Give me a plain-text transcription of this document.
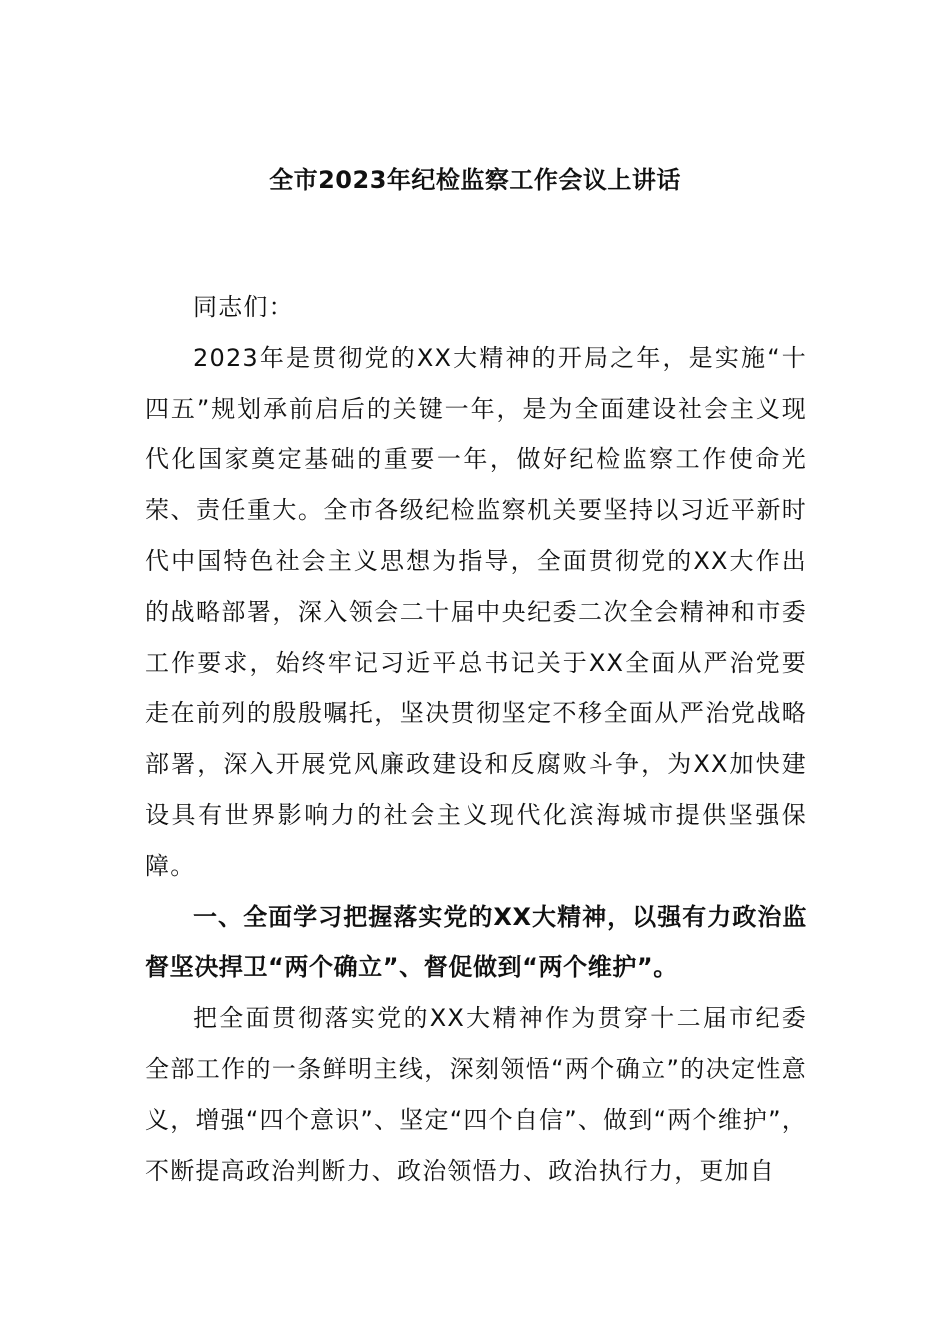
全市2023年纪检监察工作会议上讲话

同志们：

2023年是贯彻党的XX大精神的开局之年，是实施“十四五”规划承前启后的关键一年，是为全面建设社会主义现代化国家奠定基础的重要一年，做好纪检监察工作使命光荣、责任重大。全市各级纪检监察机关要坚持以习近平新时代中国特色社会主义思想为指导，全面贯彻党的XX大作出的战略部署，深入领会二十届中央纪委二次全会精神和市委工作要求，始终牢记习近平总书记关于XX全面从严治党要走在前列的殷殷嘱托，坚决贯彻坚定不移全面从严治党战略部署，深入开展党风廉政建设和反腐败斗争，为XX加快建设具有世界影响力的社会主义现代化滨海城市提供坚强保障。

一、全面学习把握落实党的XX大精神，以强有力政治监督坚决捍卫“两个确立”、督促做到“两个维护”。

把全面贯彻落实党的XX大精神作为贯穿十二届市纪委全部工作的一条鲜明主线，深刻领悟“两个确立”的决定性意义，增强“四个意识”、坚定“四个自信”、做到“两个维护”，不断提高政治判断力、政治领悟力、政治执行力，更加自
